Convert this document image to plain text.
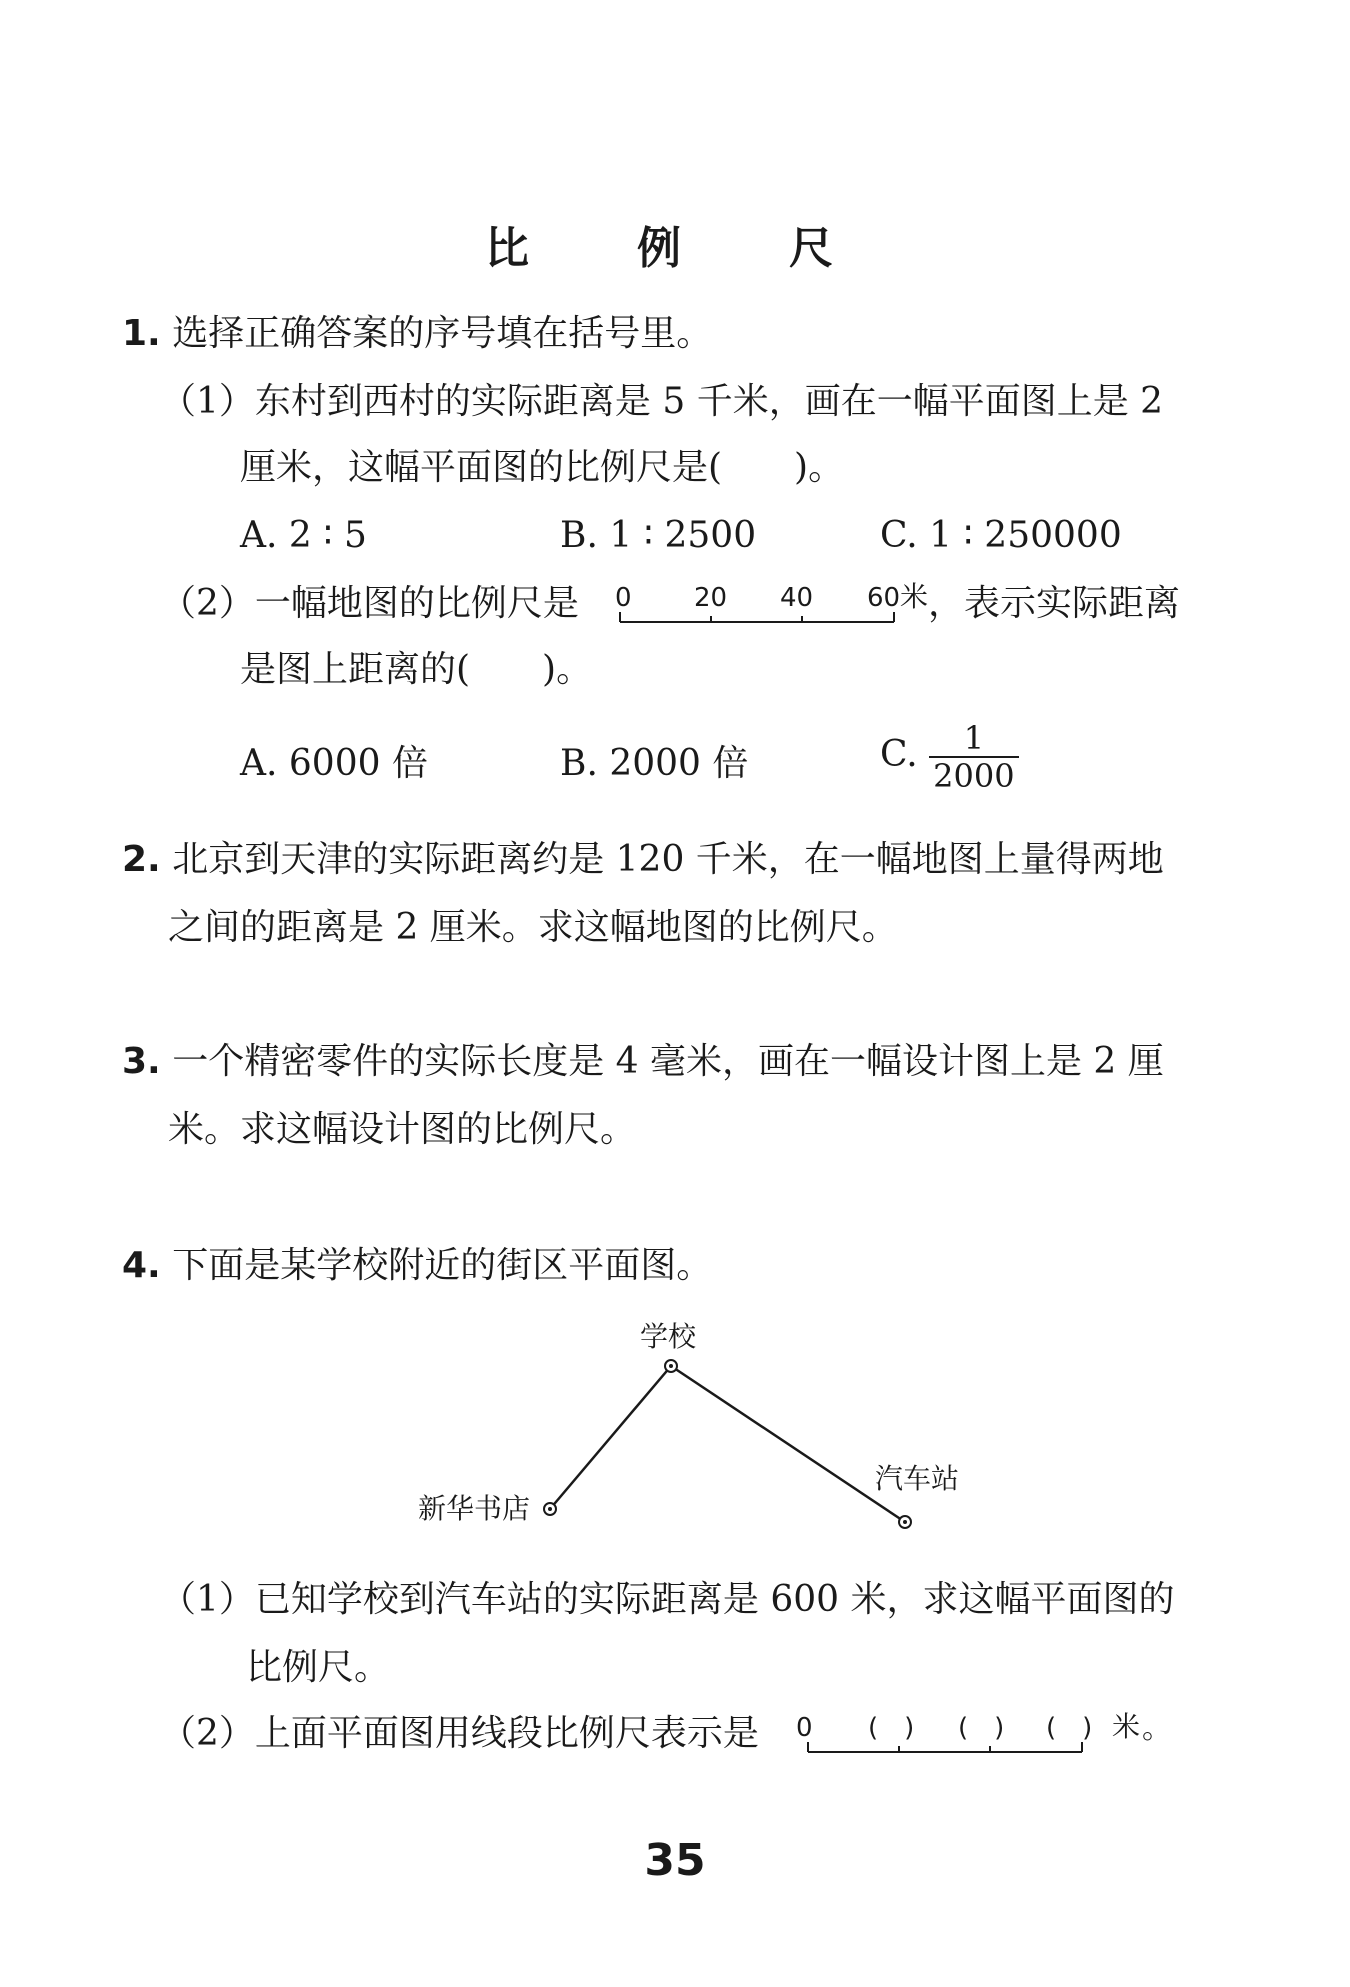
比　例　尺
1. 选择正确答案的序号填在括号里。
（1）东村到西村的实际距离是 5 千米，画在一幅平面图上是 2
厘米，这幅平面图的比例尺是(　　)。
A. 2 ∶ 5	B. 1 ∶ 2500	C. 1 ∶ 250000
（2）一幅地图的比例尺是 0 20 40 60 米 ，表示实际距离
是图上距离的(　　)。
A. 6000 倍	B. 2000 倍	C. $\frac{1}{2000}$
2. 北京到天津的实际距离约是 120 千米，在一幅地图上量得两地
之间的距离是 2 厘米。求这幅地图的比例尺。
3. 一个精密零件的实际长度是 4 毫米，画在一幅设计图上是 2 厘
米。求这幅设计图的比例尺。
4. 下面是某学校附近的街区平面图。
学校
新华书店
汽车站
（1）已知学校到汽车站的实际距离是 600 米，求这幅平面图的
比例尺。
（2）上面平面图用线段比例尺表示是 0 (　) (　) (　) 米 。
35
